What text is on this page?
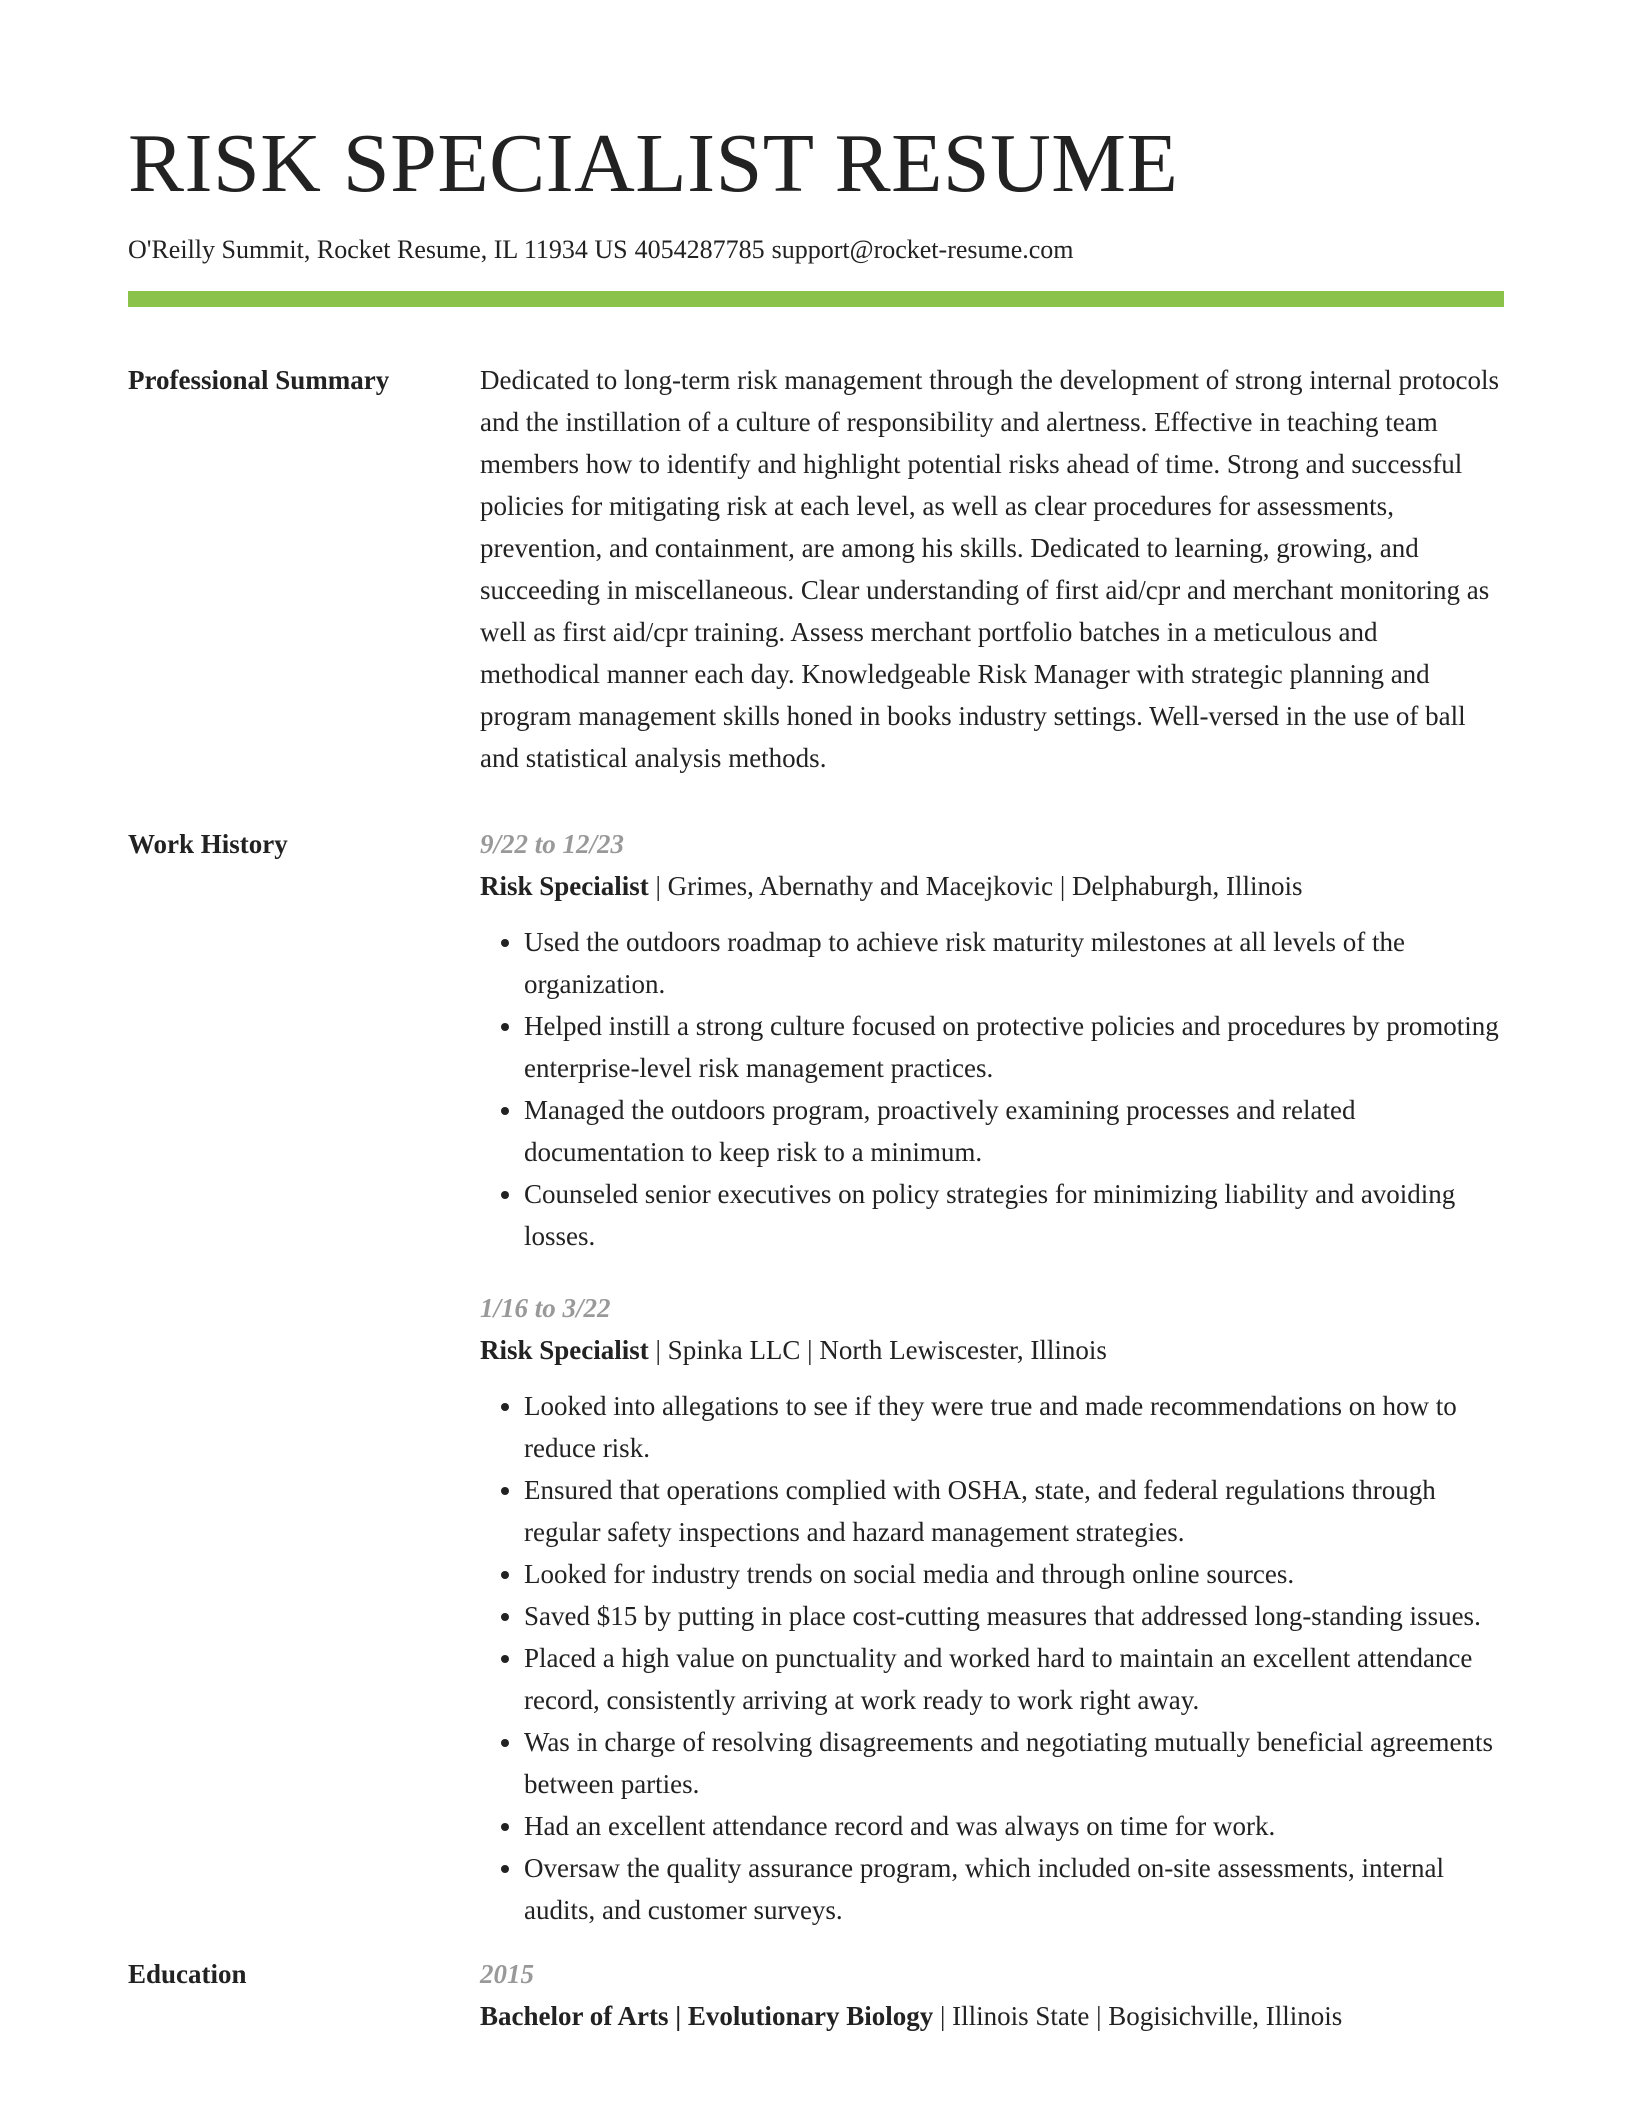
RISK SPECIALIST RESUME
O'Reilly Summit, Rocket Resume, IL 11934 US 4054287785 support@rocket-resume.com
Professional Summary	Dedicated to long-term risk management through the development of strong internal protocols and the instillation of a culture of responsibility and alertness. Effective in teaching team members how to identify and highlight potential risks ahead of time. Strong and successful policies for mitigating risk at each level, as well as clear procedures for assessments, prevention, and containment, are among his skills. Dedicated to learning, growing, and succeeding in miscellaneous. Clear understanding of first aid/cpr and merchant monitoring as well as first aid/cpr training. Assess merchant portfolio batches in a meticulous and methodical manner each day. Knowledgeable Risk Manager with strategic planning and program management skills honed in books industry settings. Well-versed in the use of ball and statistical analysis methods.
Work History	9/22 to 12/23
Risk Specialist | Grimes, Abernathy and Macejkovic | Delphaburgh, Illinois
• Used the outdoors roadmap to achieve risk maturity milestones at all levels of the organization.
• Helped instill a strong culture focused on protective policies and procedures by promoting enterprise-level risk management practices.
• Managed the outdoors program, proactively examining processes and related documentation to keep risk to a minimum.
• Counseled senior executives on policy strategies for minimizing liability and avoiding losses.
1/16 to 3/22
Risk Specialist | Spinka LLC | North Lewiscester, Illinois
• Looked into allegations to see if they were true and made recommendations on how to reduce risk.
• Ensured that operations complied with OSHA, state, and federal regulations through regular safety inspections and hazard management strategies.
• Looked for industry trends on social media and through online sources.
• Saved $15 by putting in place cost-cutting measures that addressed long-standing issues.
• Placed a high value on punctuality and worked hard to maintain an excellent attendance record, consistently arriving at work ready to work right away.
• Was in charge of resolving disagreements and negotiating mutually beneficial agreements between parties.
• Had an excellent attendance record and was always on time for work.
• Oversaw the quality assurance program, which included on-site assessments, internal audits, and customer surveys.
Education	2015
Bachelor of Arts | Evolutionary Biology | Illinois State | Bogisichville, Illinois
